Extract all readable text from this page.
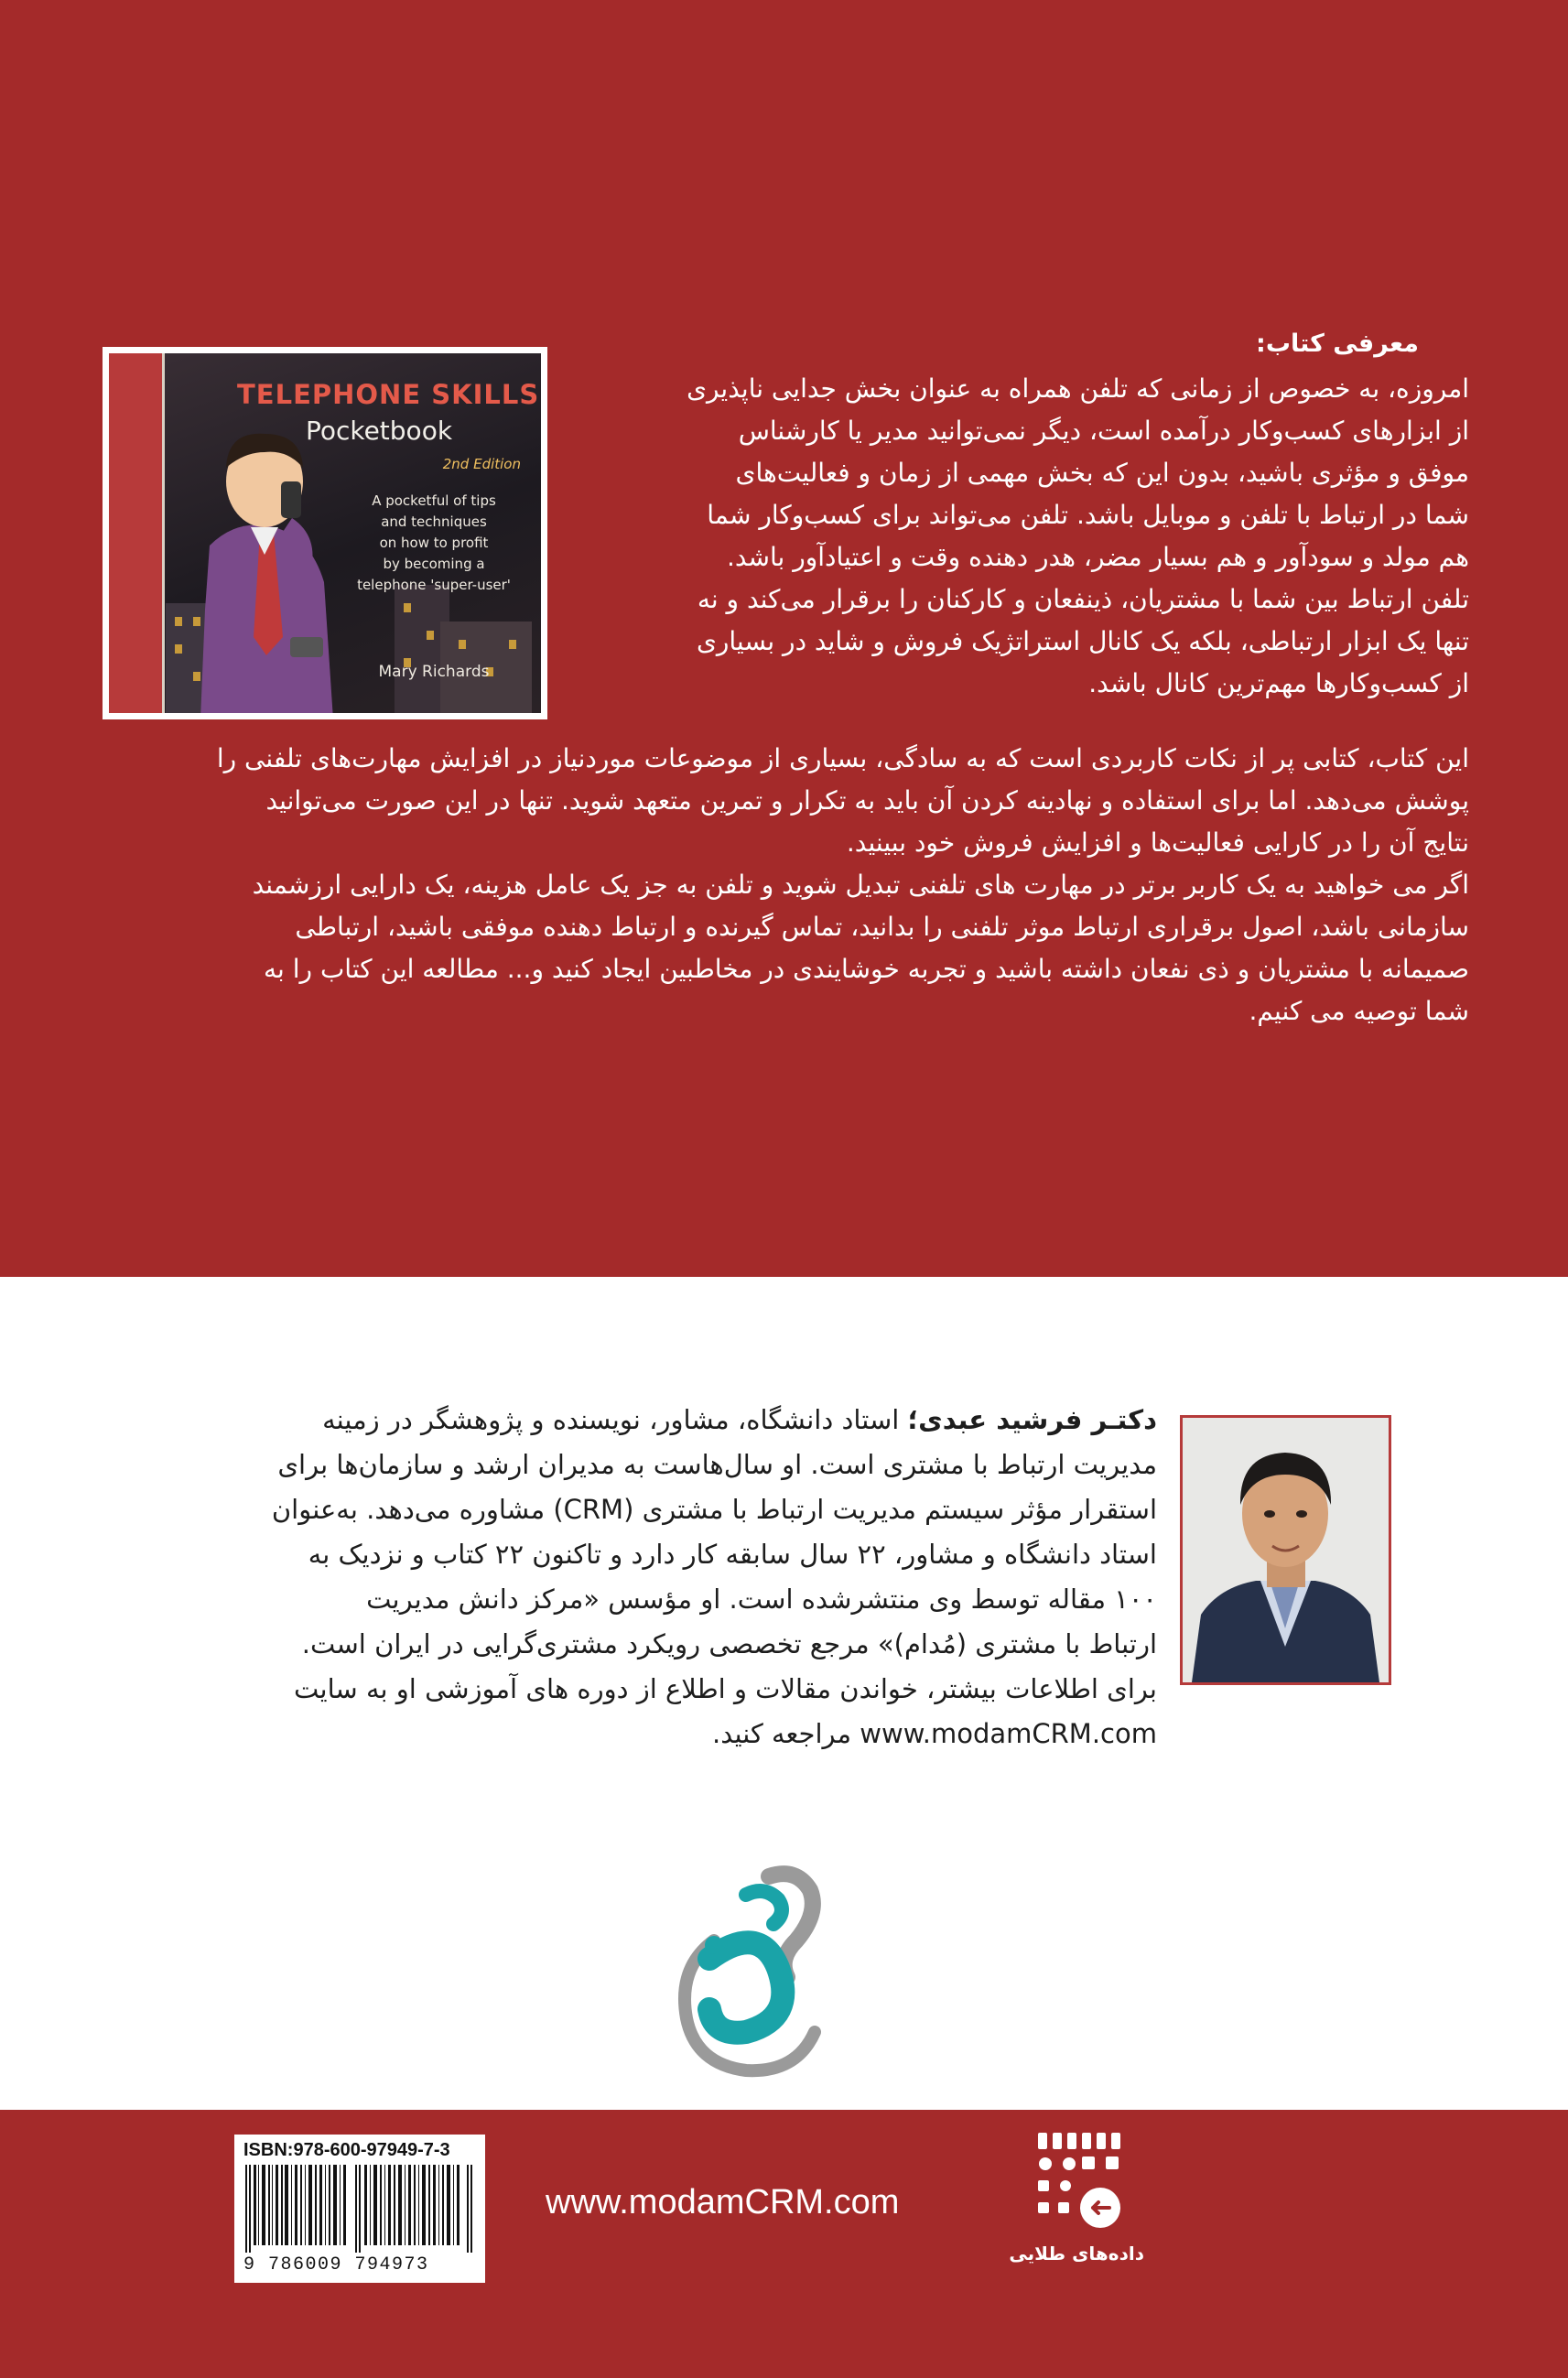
TELEPHONE SKILLS
Pocketbook
2nd Edition
A pocketful of tips
and techniques
on how to profit
by becoming a
telephone 'super-user'
Mary Richards
معرفی کتاب:
امروزه، به خصوص از زمانی که تلفن همراه به عنوان بخش جدایی ناپذیری
از ابزارهای کسب‌وکار درآمده است، دیگر نمی‌توانید مدیر یا کارشناس
موفق و مؤثری باشید، بدون این که بخش مهمی از زمان و فعالیت‌های
شما در ارتباط با تلفن و موبایل باشد. تلفن می‌تواند برای کسب‌وکار شما
هم مولد و سودآور و هم بسیار مضر، هدر دهنده وقت و اعتیادآور باشد.
تلفن ارتباط بین شما با مشتریان، ذینفعان و کارکنان را برقرار می‌کند و نه
تنها یک ابزار ارتباطی، بلکه یک کانال استراتژیک فروش و شاید در بسیاری
از کسب‌وکارها مهم‌ترین کانال باشد.
این کتاب، کتابی پر از نکات کاربردی است که به سادگی، بسیاری از موضوعات موردنیاز در افزایش مهارت‌های تلفنی را
پوشش می‌دهد. اما برای استفاده و نهادینه کردن آن باید به تکرار و تمرین متعهد شوید. تنها در این صورت می‌توانید
نتایج آن را در کارایی فعالیت‌ها و افزایش فروش خود ببینید.
اگر می خواهید به یک کاربر برتر در مهارت های تلفنی تبدیل شوید و تلفن به جز یک عامل هزینه، یک دارایی ارزشمند
سازمانی باشد، اصول برقراری ارتباط موثر تلفنی را بدانید، تماس گیرنده و ارتباط دهنده موفقی باشید، ارتباطی
صمیمانه با مشتریان و ذی نفعان داشته باشید و تجربه خوشایندی در مخاطبین ایجاد کنید و... مطالعه این کتاب را به
شما توصیه می کنیم.
دکتـر فرشید عبدی؛ استاد دانشگاه، مشاور، نویسنده و پژوهشگر در زمینه
مدیریت ارتباط با مشتری است. او سال‌هاست به مدیران ارشد و سازمان‌ها برای
استقرار مؤثر سیستم مدیریت ارتباط با مشتری (CRM) مشاوره می‌دهد. به‌عنوان
استاد دانشگاه و مشاور، ۲۲ سال سابقه کار دارد و تاکنون ۲۲ کتاب و نزدیک به
۱۰۰ مقاله توسط وی منتشرشده است. او مؤسس «مرکز دانش مدیریت
ارتباط با مشتری (مُدام)» مرجع تخصصی رویکرد مشتری‌گرایی در ایران است.
برای اطلاعات بیشتر، خواندن مقالات و اطلاع از دوره های آموزشی او به سایت
www.modamCRM.com مراجعه کنید.
ISBN:978-600-97949-7-3
9 786009 794973
www.modamCRM.com
داده‌های طلایی
